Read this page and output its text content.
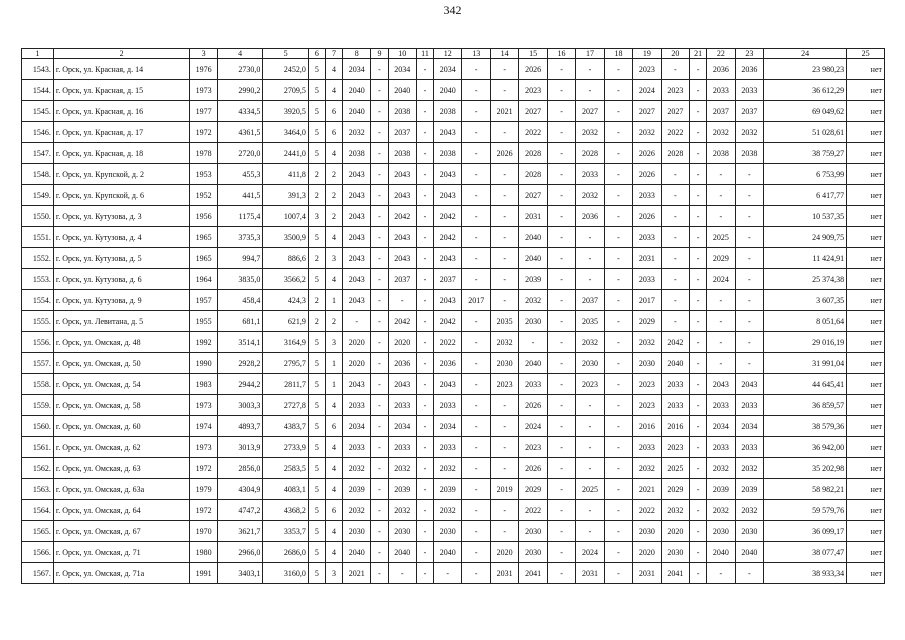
342
1	2	3	4	5	6	7	8	9	10	11	12	13	14	15	16	17	18	19	20	21	22	23	24	25
1543.	г. Орск, ул. Красная, д. 14	1976	2730,0	2452,0	5	4	2034	-	2034	-	2034	-	-	2026	-	-	-	2023	-	-	2036	2036	23 980,23	нет
1544.	г. Орск, ул. Красная, д. 15	1973	2990,2	2709,5	5	4	2040	-	2040	-	2040	-	-	2023	-	-	-	2024	2023	-	2033	2033	36 612,29	нет
1545.	г. Орск, ул. Красная, д. 16	1977	4334,5	3920,5	5	6	2040	-	2038	-	2038	-	2021	2027	-	2027	-	2027	2027	-	2037	2037	69 049,62	нет
1546.	г. Орск, ул. Красная, д. 17	1972	4361,5	3464,0	5	6	2032	-	2037	-	2043	-	-	2022	-	2032	-	2032	2022	-	2032	2032	51 028,61	нет
1547.	г. Орск, ул. Красная, д. 18	1978	2720,0	2441,0	5	4	2038	-	2038	-	2038	-	2026	2028	-	2028	-	2026	2028	-	2038	2038	38 759,27	нет
1548.	г. Орск, ул. Крупской, д. 2	1953	455,3	411,8	2	2	2043	-	2043	-	2043	-	-	2028	-	2033	-	2026	-	-	-	-	6 753,99	нет
1549.	г. Орск, ул. Крупской, д. 6	1952	441,5	391,3	2	2	2043	-	2043	-	2043	-	-	2027	-	2032	-	2033	-	-	-	-	6 417,77	нет
1550.	г. Орск, ул. Кутузова, д. 3	1956	1175,4	1007,4	3	2	2043	-	2042	-	2042	-	-	2031	-	2036	-	2026	-	-	-	-	10 537,35	нет
1551.	г. Орск, ул. Кутузова, д. 4	1965	3735,3	3500,9	5	4	2043	-	2043	-	2042	-	-	2040	-	-	-	2033	-	-	2025	-	24 909,75	нет
1552.	г. Орск, ул. Кутузова, д. 5	1965	994,7	886,6	2	3	2043	-	2043	-	2043	-	-	2040	-	-	-	2031	-	-	2029	-	11 424,91	нет
1553.	г. Орск, ул. Кутузова, д. 6	1964	3835,0	3566,2	5	4	2043	-	2037	-	2037	-	-	2039	-	-	-	2033	-	-	2024	-	25 374,38	нет
1554.	г. Орск, ул. Кутузова, д. 9	1957	458,4	424,3	2	1	2043	-	-	-	2043	2017	-	2032	-	2037	-	2017	-	-	-	-	3 607,35	нет
1555.	г. Орск, ул. Левитана, д. 5	1955	681,1	621,9	2	2	-	-	2042	-	2042	-	2035	2030	-	2035	-	2029	-	-	-	-	8 051,64	нет
1556.	г. Орск, ул. Омская, д. 48	1992	3514,1	3164,9	5	3	2020	-	2020	-	2022	-	2032	-	-	2032	-	2032	2042	-	-	-	29 016,19	нет
1557.	г. Орск, ул. Омская, д. 50	1990	2928,2	2795,7	5	1	2020	-	2036	-	2036	-	2030	2040	-	2030	-	2030	2040	-	-	-	31 991,04	нет
1558.	г. Орск, ул. Омская, д. 54	1983	2944,2	2811,7	5	1	2043	-	2043	-	2043	-	2023	2033	-	2023	-	2023	2033	-	2043	2043	44 645,41	нет
1559.	г. Орск, ул. Омская, д. 58	1973	3003,3	2727,8	5	4	2033	-	2033	-	2033	-	-	2026	-	-	-	2023	2033	-	2033	2033	36 859,57	нет
1560.	г. Орск, ул. Омская, д. 60	1974	4893,7	4383,7	5	6	2034	-	2034	-	2034	-	-	2024	-	-	-	2016	2016	-	2034	2034	38 579,36	нет
1561.	г. Орск, ул. Омская, д. 62	1973	3013,9	2733,9	5	4	2033	-	2033	-	2033	-	-	2023	-	-	-	2033	2023	-	2033	2033	36 942,00	нет
1562.	г. Орск, ул. Омская, д. 63	1972	2856,0	2583,5	5	4	2032	-	2032	-	2032	-	-	2026	-	-	-	2032	2025	-	2032	2032	35 202,98	нет
1563.	г. Орск, ул. Омская, д. 63а	1979	4304,9	4083,1	5	4	2039	-	2039	-	2039	-	2019	2029	-	2025	-	2021	2029	-	2039	2039	58 982,21	нет
1564.	г. Орск, ул. Омская, д. 64	1972	4747,2	4368,2	5	6	2032	-	2032	-	2032	-	-	2022	-	-	-	2022	2032	-	2032	2032	59 579,76	нет
1565.	г. Орск, ул. Омская, д. 67	1970	3621,7	3353,7	5	4	2030	-	2030	-	2030	-	-	2030	-	-	-	2030	2020	-	2030	2030	36 099,17	нет
1566.	г. Орск, ул. Омская, д. 71	1980	2966,0	2686,0	5	4	2040	-	2040	-	2040	-	2020	2030	-	2024	-	2020	2030	-	2040	2040	38 077,47	нет
1567.	г. Орск, ул. Омская, д. 71а	1991	3403,1	3160,0	5	3	2021	-	-	-	-	-	2031	2041	-	2031	-	2031	2041	-	-	-	38 933,34	нет
